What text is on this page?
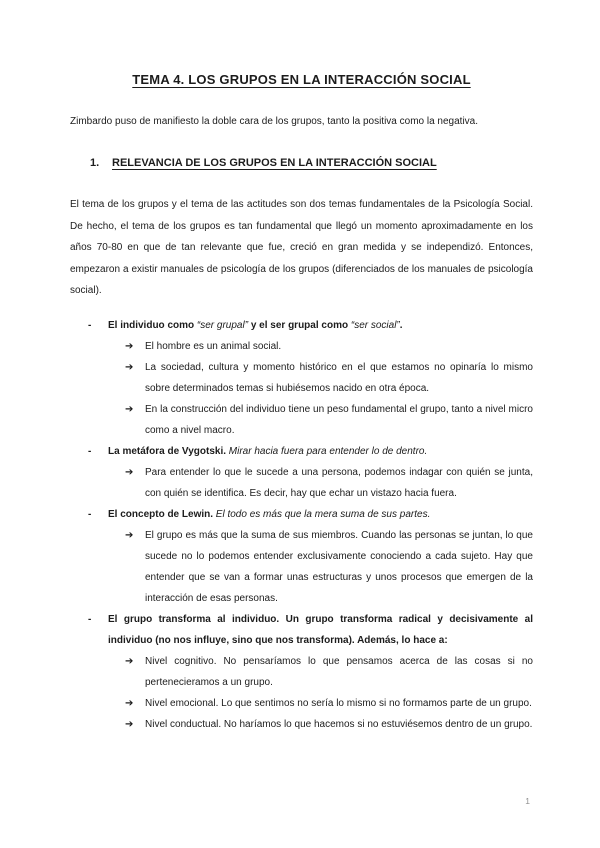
TEMA 4. LOS GRUPOS EN LA INTERACCIÓN SOCIAL

Zimbardo puso de manifiesto la doble cara de los grupos, tanto la positiva como la negativa.

1.	RELEVANCIA DE LOS GRUPOS EN LA INTERACCIÓN SOCIAL

El tema de los grupos y el tema de las actitudes son dos temas fundamentales de la Psicología Social. De hecho, el tema de los grupos es tan fundamental que llegó un momento aproximadamente en los años 70-80 en que de tan relevante que fue, creció en gran medida y se independizó. Entonces, empezaron a existir manuales de psicología de los grupos (diferenciados de los manuales de psicología social).

-	El individuo como “ser grupal” y el ser grupal como “ser social”.
➔	El hombre es un animal social.
➔	La sociedad, cultura y momento histórico en el que estamos no opinaría lo mismo sobre determinados temas si hubiésemos nacido en otra época.
➔	En la construcción del individuo tiene un peso fundamental el grupo, tanto a nivel micro como a nivel macro.
-	La metáfora de Vygotski. Mirar hacia fuera para entender lo de dentro.
➔	Para entender lo que le sucede a una persona, podemos indagar con quién se junta, con quién se identifica. Es decir, hay que echar un vistazo hacia fuera.
-	El concepto de Lewin. El todo es más que la mera suma de sus partes.
➔	El grupo es más que la suma de sus miembros. Cuando las personas se juntan, lo que sucede no lo podemos entender exclusivamente conociendo a cada sujeto. Hay que entender que se van a formar unas estructuras y unos procesos que emergen de la interacción de esas personas.
-	El grupo transforma al individuo. Un grupo transforma radical y decisivamente al individuo (no nos influye, sino que nos transforma). Además, lo hace a:
➔	Nivel cognitivo. No pensaríamos lo que pensamos acerca de las cosas si no pertenecieramos a un grupo.
➔	Nivel emocional. Lo que sentimos no sería lo mismo si no formamos parte de un grupo.
➔	Nivel conductual. No haríamos lo que hacemos si no estuviésemos dentro de un grupo.
1
